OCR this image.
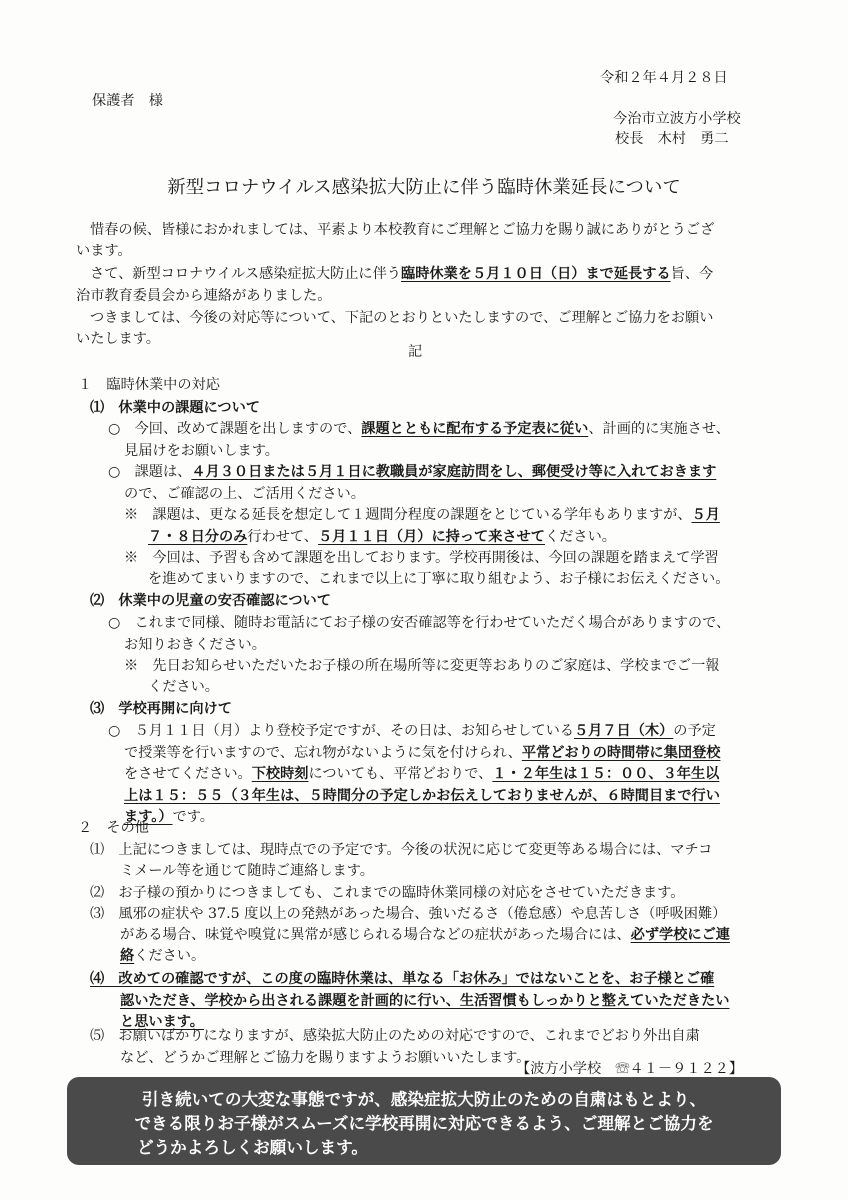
令和２年４月２８日
保護者　様
今治市立波方小学校
校長　木村　勇二
新型コロナウイルス感染拡大防止に伴う臨時休業延長について
惜春の候、皆様におかれましては、平素より本校教育にご理解とご協力を賜り誠にありがとうござ
います。
さて、新型コロナウイルス感染症拡大防止に伴う臨時休業を５月１０日（日）まで延長する旨、今
治市教育委員会から連絡がありました。
つきましては、今後の対応等について、下記のとおりといたしますので、ご理解とご協力をお願い
いたします。
記
１　臨時休業中の対応
⑴　休業中の課題について
○　今回、改めて課題を出しますので、課題とともに配布する予定表に従い、計画的に実施させ、
見届けをお願いします。
○　課題は、４月３０日または５月１日に教職員が家庭訪問をし、郵便受け等に入れておきます
ので、ご確認の上、ご活用ください。
※　課題は、更なる延長を想定して１週間分程度の課題をとじている学年もありますが、５月
７・８日分のみ行わせて、５月１１日（月）に持って来させてください。
※　今回は、予習も含めて課題を出しております。学校再開後は、今回の課題を踏まえて学習
を進めてまいりますので、これまで以上に丁寧に取り組むよう、お子様にお伝えください。
⑵　休業中の児童の安否確認について
○　これまで同様、随時お電話にてお子様の安否確認等を行わせていただく場合がありますので、
お知りおきください。
※　先日お知らせいただいたお子様の所在場所等に変更等おありのご家庭は、学校までご一報
ください。
⑶　学校再開に向けて
○　５月１１日（月）より登校予定ですが、その日は、お知らせしている５月７日（木）の予定
で授業等を行いますので、忘れ物がないように気を付けられ、平常どおりの時間帯に集団登校
をさせてください。下校時刻についても、平常どおりで、１・２年生は１５：００、３年生以
上は１５：５５（３年生は、５時間分の予定しかお伝えしておりませんが、６時間目まで行い
ます。）です。
２　その他
⑴　上記につきましては、現時点での予定です。今後の状況に応じて変更等ある場合には、マチコ
ミメール等を通じて随時ご連絡します。
⑵　お子様の預かりにつきましても、これまでの臨時休業同様の対応をさせていただきます。
⑶　風邪の症状や 37.5 度以上の発熱があった場合、強いだるさ（倦怠感）や息苦しさ（呼吸困難）
がある場合、味覚や嗅覚に異常が感じられる場合などの症状があった場合には、必ず学校にご連
絡ください。
⑷　改めての確認ですが、この度の臨時休業は、単なる「お休み」ではないことを、お子様とご確
認いただき、学校から出される課題を計画的に行い、生活習慣もしっかりと整えていただきたい
と思います。
⑸　お願いばかりになりますが、感染拡大防止のための対応ですので、これまでどおり外出自粛
など、どうかご理解とご協力を賜りますようお願いいたします。
【波方小学校　☏４１－９１２２】
引き続いての大変な事態ですが、感染症拡大防止のための自粛はもとより、
できる限りお子様がスムーズに学校再開に対応できるよう、ご理解とご協力を
どうかよろしくお願いします。
